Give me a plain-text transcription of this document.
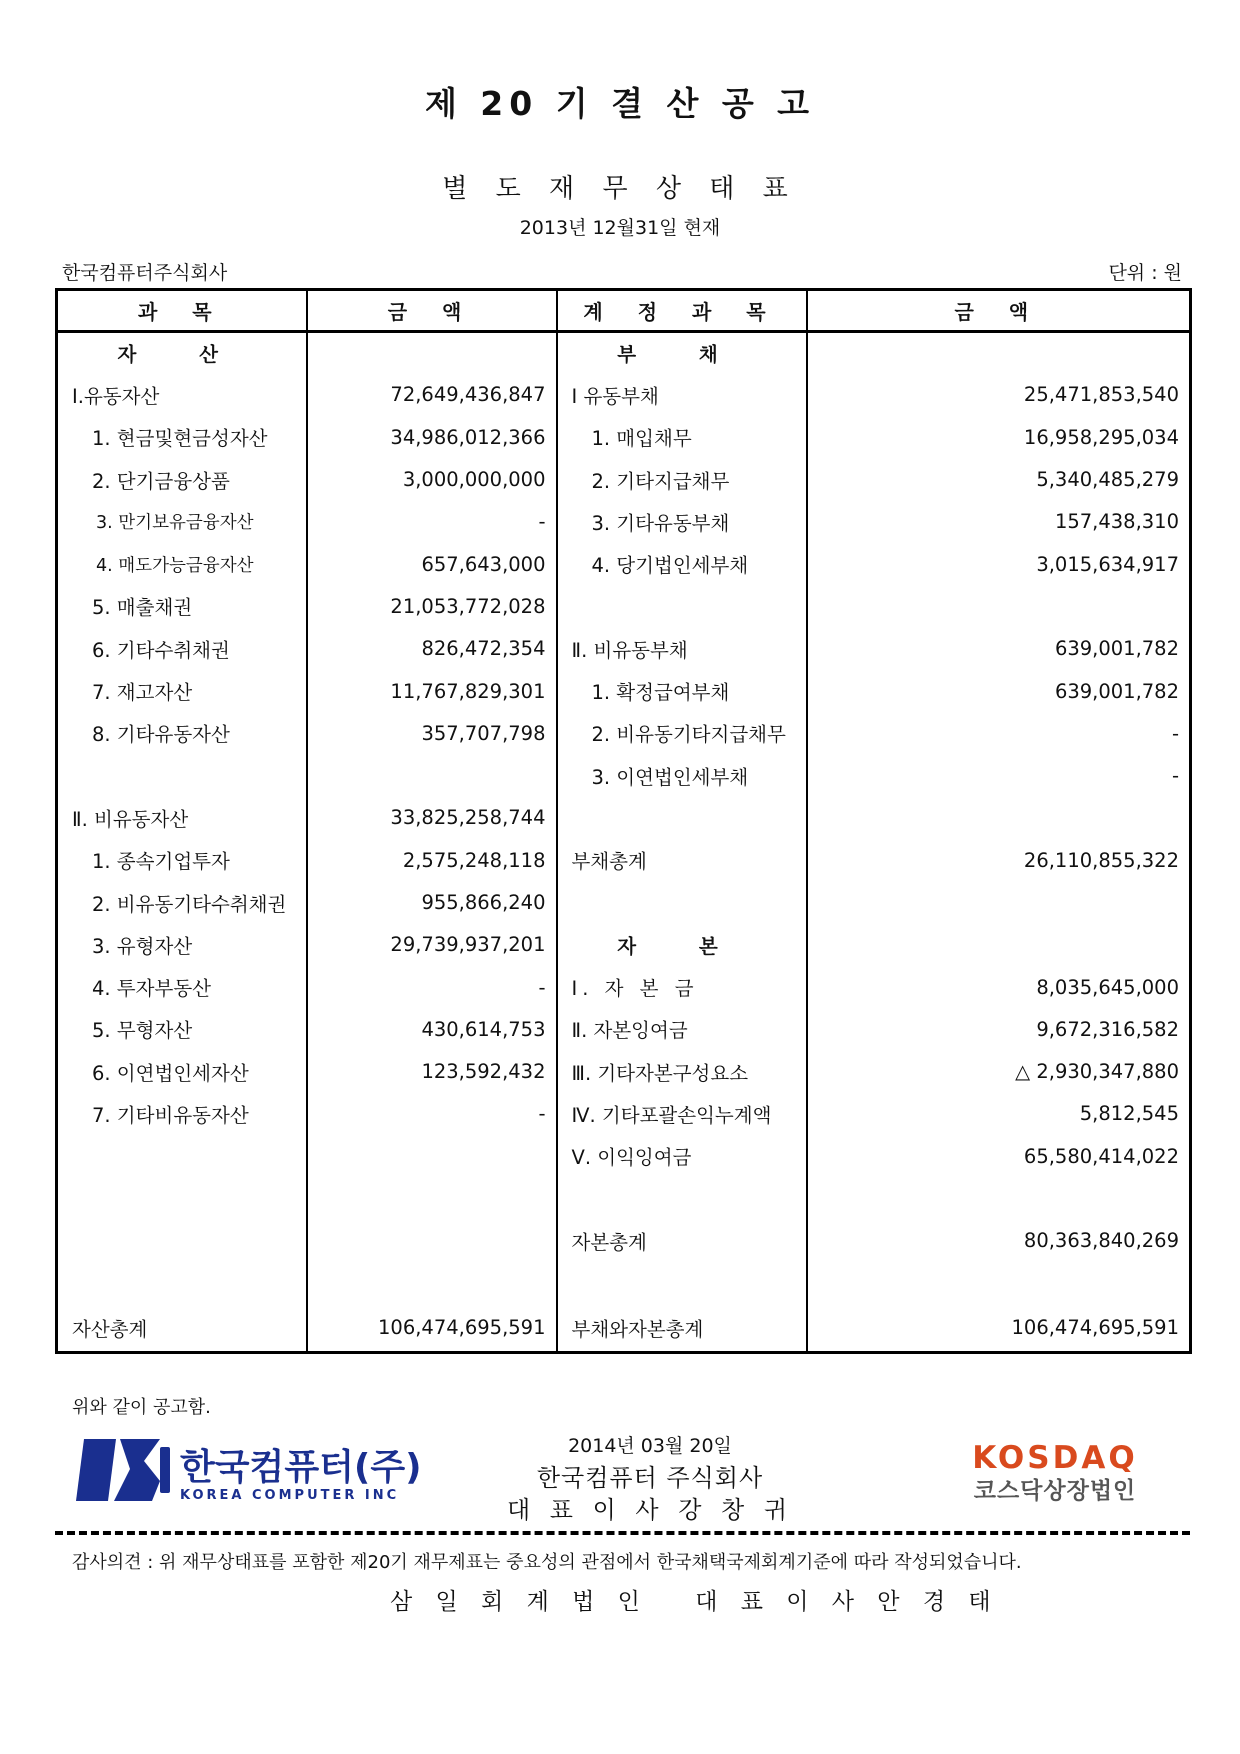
제 20 기 결 산 공 고
별 도 재 무 상 태 표
2013년 12월31일 현재
한국컴퓨터주식회사	단위 : 원
과 목	금 액	계 정 과 목	금 액
자 산		부 채	
Ⅰ.유동자산	72,649,436,847	Ⅰ 유동부채	25,471,853,540
1. 현금및현금성자산	34,986,012,366	1. 매입채무	16,958,295,034
2. 단기금융상품	3,000,000,000	2. 기타지급채무	5,340,485,279
3. 만기보유금융자산	-	3. 기타유동부채	157,438,310
4. 매도가능금융자산	657,643,000	4. 당기법인세부채	3,015,634,917
5. 매출채권	21,053,772,028		
6. 기타수취채권	826,472,354	Ⅱ. 비유동부채	639,001,782
7. 재고자산	11,767,829,301	1. 확정급여부채	639,001,782
8. 기타유동자산	357,707,798	2. 비유동기타지급채무	-
		3. 이연법인세부채	-
Ⅱ. 비유동자산	33,825,258,744		
1. 종속기업투자	2,575,248,118	부채총계	26,110,855,322
2. 비유동기타수취채권	955,866,240		
3. 유형자산	29,739,937,201	자 본	
4. 투자부동산	-	Ⅰ. 자 본 금	8,035,645,000
5. 무형자산	430,614,753	Ⅱ. 자본잉여금	9,672,316,582
6. 이연법인세자산	123,592,432	Ⅲ. 기타자본구성요소	△ 2,930,347,880
7. 기타비유동자산	-	Ⅳ. 기타포괄손익누계액	5,812,545
		Ⅴ. 이익잉여금	65,580,414,022

		자본총계	80,363,840,269

자산총계	106,474,695,591	부채와자본총계	106,474,695,591
위와 같이 공고함.
한국컴퓨터(주)
KOREA COMPUTER INC
2014년 03월 20일
한국컴퓨터 주식회사
대 표 이 사 강 창 귀
KOSDAQ
코스닥상장법인
감사의견 : 위 재무상태표를 포함한 제20기 재무제표는 중요성의 관점에서 한국채택국제회계기준에 따라 작성되었습니다.
삼 일 회 계 법 인 대 표 이 사 안 경 태
